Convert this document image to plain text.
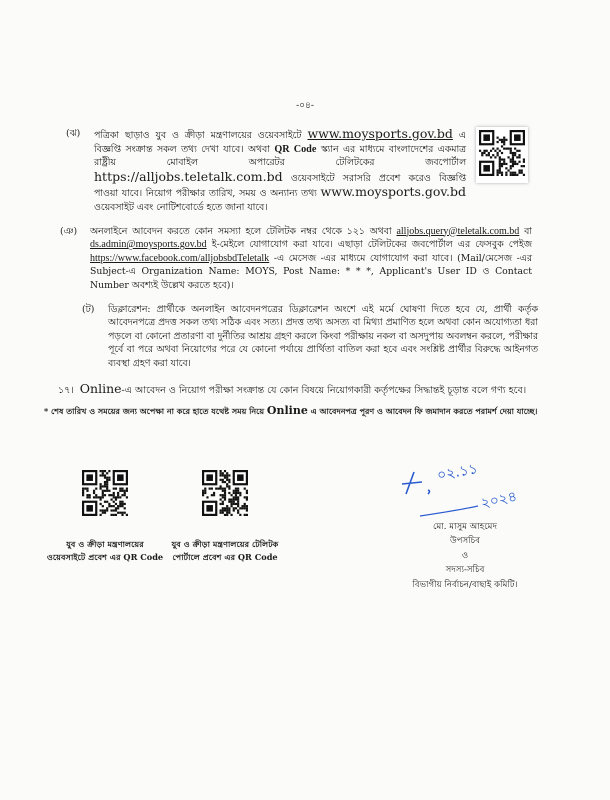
-০৪-
(ঝ)	পত্রিকা ছাড়াও যুব ও ক্রীড়া মন্ত্রণালয়ের ওয়েবসাইটে www.moysports.gov.bd এ বিজ্ঞপ্তি সংক্রান্ত সকল তথ্য দেখা যাবে। অথবা QR Code স্ক্যান এর মাধ্যমে বাংলাদেশের একমাত্র রাষ্ট্রীয় মোবাইল অপারেটর টেলিটকের জবপোর্টাল https://alljobs.teletalk.com.bd ওয়েবসাইটে সরাসরি প্রবেশ করেও বিজ্ঞপ্তি পাওয়া যাবে। নিয়োগ পরীক্ষার তারিখ, সময় ও অন্যান্য তথ্য www.moysports.gov.bd ওয়েবসাইট এবং নোটিশবোর্ডে হতে জানা যাবে।
(ঞ)	অনলাইনে আবেদন করতে কোন সমস্যা হলে টেলিটক নম্বর থেকে ১২১ অথবা alljobs.query@teletalk.com.bd বা ds.admin@moysports.gov.bd ই-মেইলে যোগাযোগ করা যাবে। এছাড়া টেলিটকের জবপোর্টাল এর ফেসবুক পেইজ https://www.facebook.com/alljobsbdTeletalk -এ মেসেজ -এর মাধ্যমে যোগাযোগ করা যাবে। (Mail/মেসেজ -এর Subject-এ Organization Name: MOYS, Post Name: * * *, Applicant's User ID ও Contact Number অবশ্যই উল্লেখ করতে হবে)।
(ট)	ডিক্লারেশন: প্রার্থীকে অনলাইন আবেদনপত্রের ডিক্লারেশন অংশে এই মর্মে ঘোষণা দিতে হবে যে, প্রার্থী কর্তৃক আবেদনপত্রে প্রদত্ত সকল তথ্য সঠিক এবং সত্য। প্রদত্ত তথ্য অসত্য বা মিথ্যা প্রমাণিত হলে অথবা কোন অযোগ্যতা ধরা পড়লে বা কোনো প্রতারণা বা দুর্নীতির আশ্রয় গ্রহণ করলে কিংবা পরীক্ষায় নকল বা অসদুপায় অবলম্বন করলে, পরীক্ষার পূর্বে বা পরে অথবা নিয়োগের পরে যে কোনো পর্যায়ে প্রার্থিতা বাতিল করা হবে এবং সংশ্লিষ্ট প্রার্থীর বিরুদ্ধে আইনগত ব্যবস্থা গ্রহণ করা যাবে।
১৭। Online-এ আবেদন ও নিয়োগ পরীক্ষা সংক্রান্ত যে কোন বিষয়ে নিয়োগকারী কর্তৃপক্ষের সিদ্ধান্তই চূড়ান্ত বলে গণ্য হবে।
* শেষ তারিখ ও সময়ের জন্য অপেক্ষা না করে হাতে যথেষ্ট সময় নিয়ে Online এ আবেদনপত্র পূরণ ও আবেদন ফি জমাদান করতে পরামর্শ দেয়া যাচ্ছে।
যুব ও ক্রীড়া মন্ত্রণালয়ের
ওয়েবসাইটে প্রবেশ এর QR Code
যুব ও ক্রীড়া মন্ত্রণালয়ের টেলিটক
পোর্টালে প্রবেশ এর QR Code
০২.১১
২০২৪
মো. মাসুম আহমেদ
উপসচিব
ও
সদস্য-সচিব
বিভাগীয় নির্বাচন/বাছাই কমিটি।
